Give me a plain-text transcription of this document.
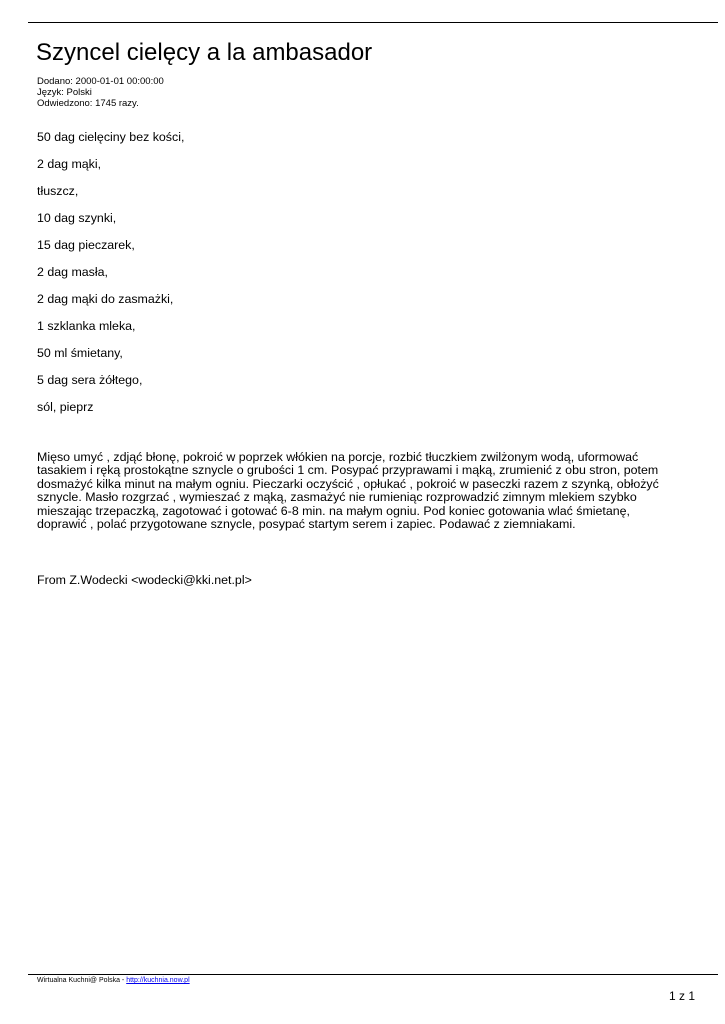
Szyncel cielęcy a la ambasador
Dodano: 2000-01-01 00:00:00
Język: Polski
Odwiedzono: 1745 razy.
50 dag cielęciny bez kości,
2 dag mąki,
tłuszcz,
10 dag szynki,
15 dag pieczarek,
2 dag masła,
2 dag mąki do zasmażki,
1 szklanka mleka,
50 ml śmietany,
5 dag sera żółtego,
sól, pieprz
Mięso umyć , zdjąć błonę, pokroić w poprzek włókien na porcje, rozbić tłuczkiem zwilżonym wodą, uformować
tasakiem i ręką prostokątne sznycle o grubości 1 cm. Posypać przyprawami i mąką, zrumienić z obu stron, potem
dosmażyć kilka minut na małym ogniu. Pieczarki oczyścić , opłukać , pokroić w paseczki razem z szynką, obłożyć
sznycle. Masło rozgrzać , wymieszać z mąką, zasmażyć nie rumieniąc rozprowadzić zimnym mlekiem szybko
mieszając trzepaczką, zagotować i gotować 6-8 min. na małym ogniu. Pod koniec gotowania wlać śmietanę,
doprawić , polać przygotowane sznycle, posypać startym serem i zapiec. Podawać z ziemniakami.
From Z.Wodecki <wodecki@kki.net.pl>
Wirtualna Kuchni@ Polska - http://kuchnia.now.pl
1 z 1
